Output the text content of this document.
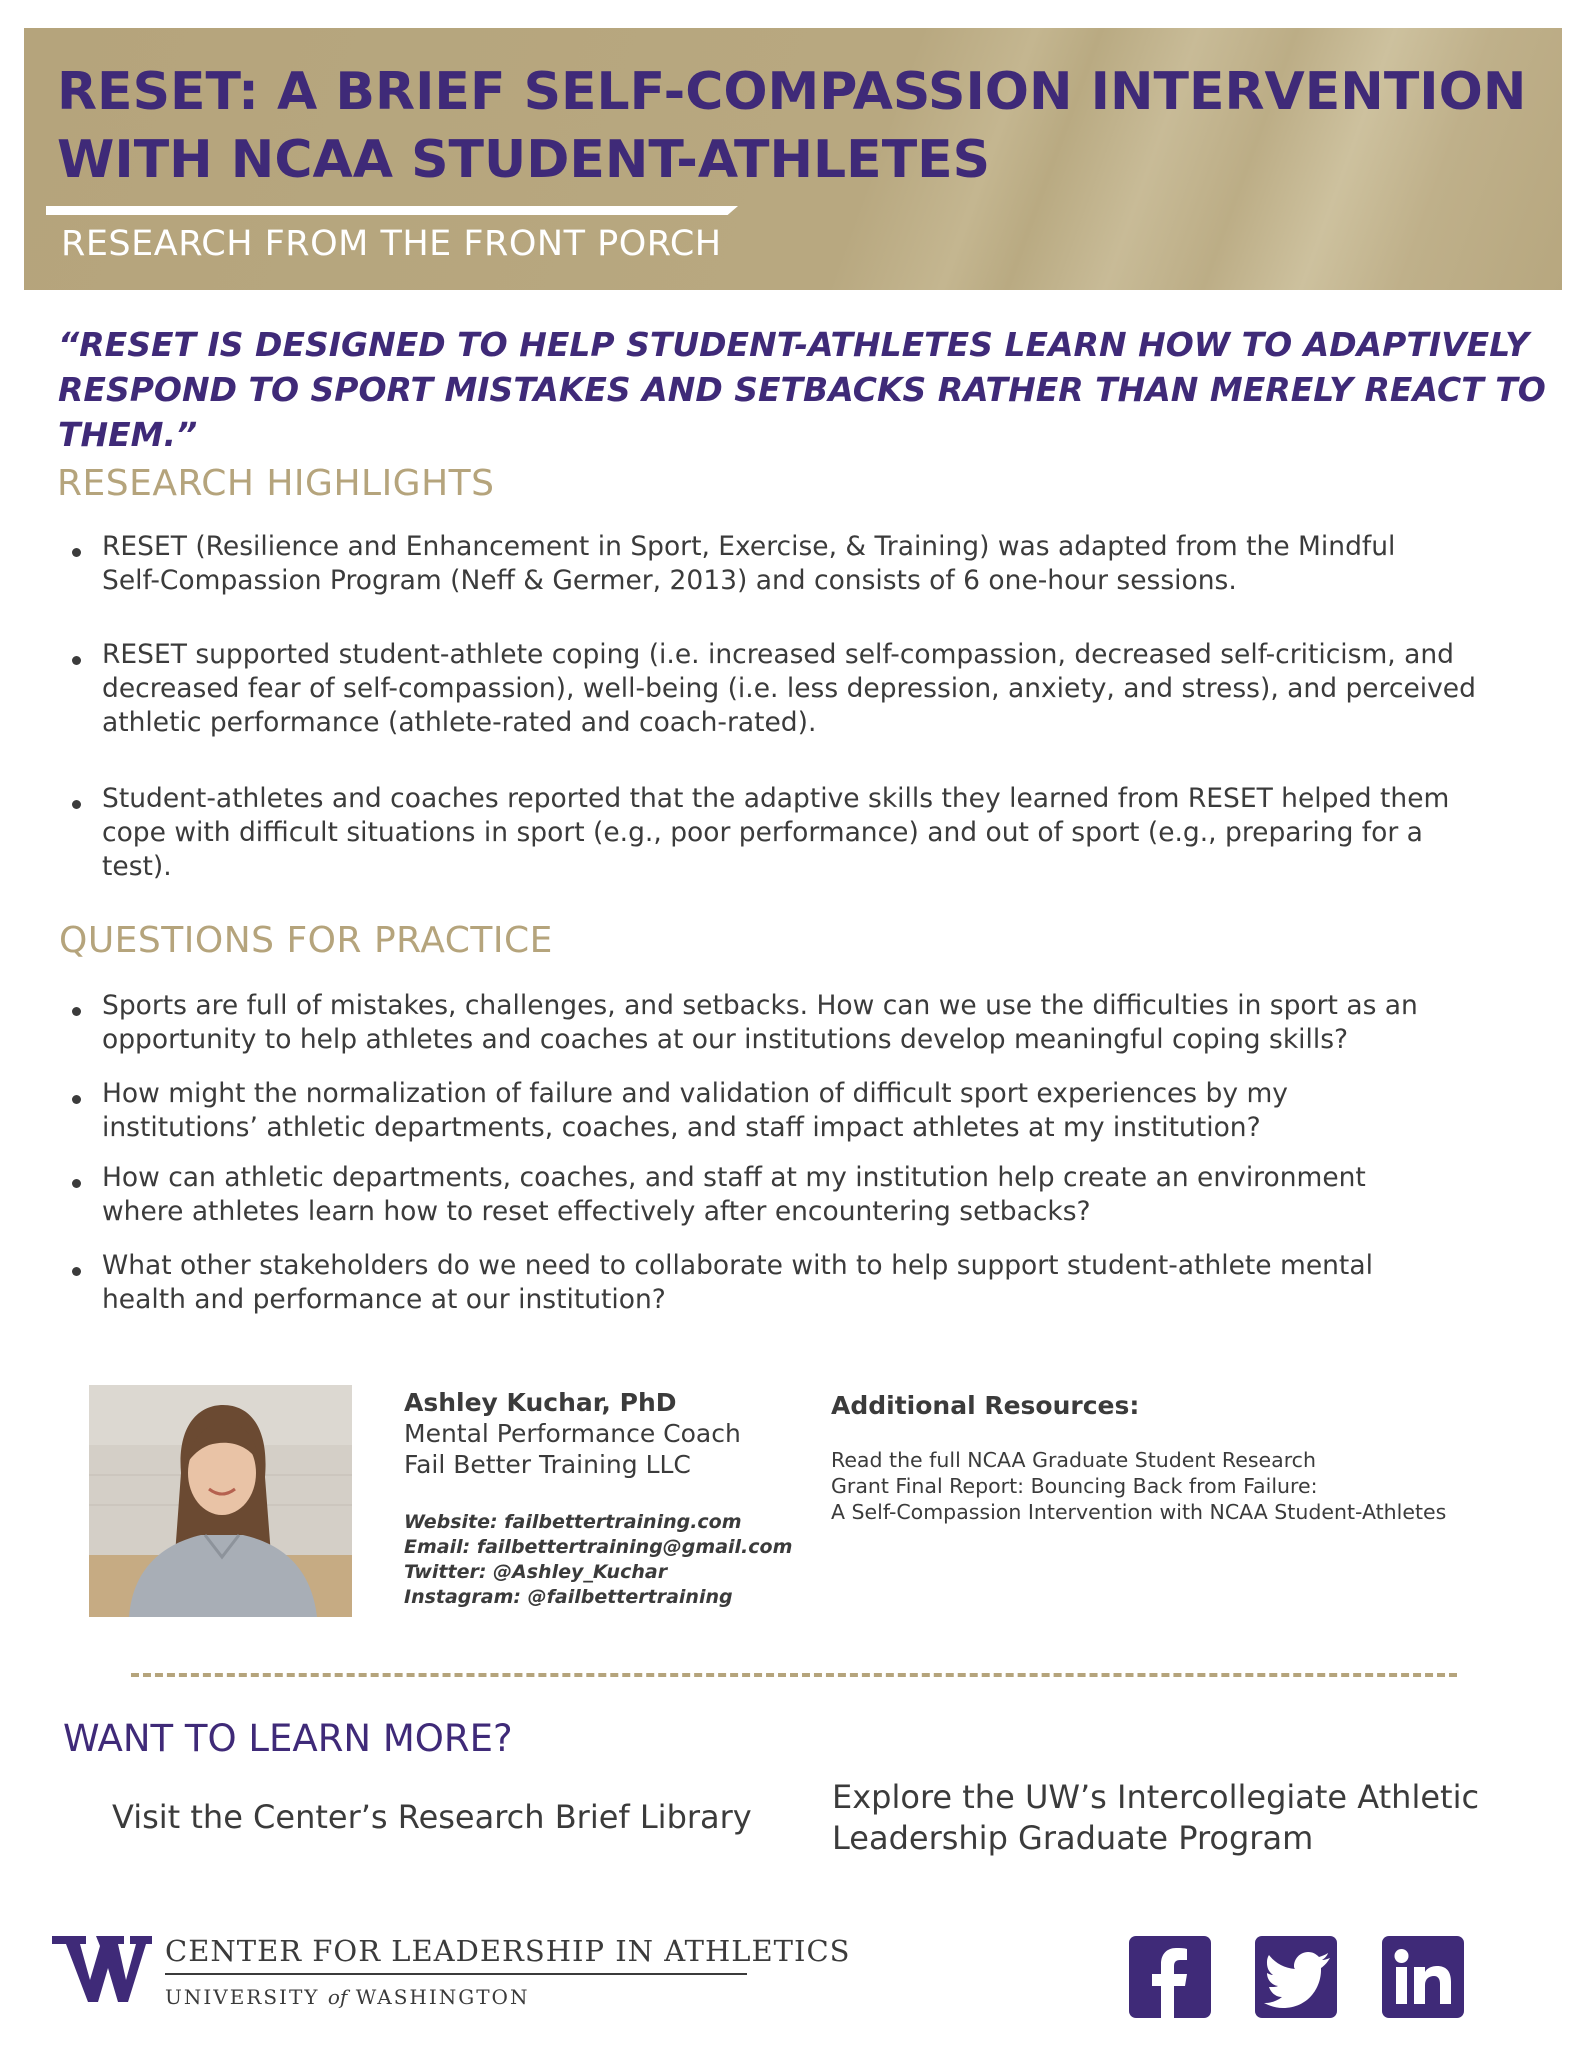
RESET: A BRIEF SELF-COMPASSION INTERVENTION
WITH NCAA STUDENT-ATHLETES
RESEARCH FROM THE FRONT PORCH
“RESET IS DESIGNED TO HELP STUDENT-ATHLETES LEARN HOW TO ADAPTIVELY
RESPOND TO SPORT MISTAKES AND SETBACKS RATHER THAN MERELY REACT TO THEM.”
RESEARCH HIGHLIGHTS
RESET (Resilience and Enhancement in Sport, Exercise, & Training) was adapted from the Mindful
Self-Compassion Program (Neff & Germer, 2013) and consists of 6 one-hour sessions.
RESET supported student-athlete coping (i.e. increased self-compassion, decreased self-criticism, and
decreased fear of self-compassion), well-being (i.e. less depression, anxiety, and stress), and perceived
athletic performance (athlete-rated and coach-rated).
Student-athletes and coaches reported that the adaptive skills they learned from RESET helped them
cope with difficult situations in sport (e.g., poor performance) and out of sport (e.g., preparing for a
test).
QUESTIONS FOR PRACTICE
Sports are full of mistakes, challenges, and setbacks. How can we use the difficulties in sport as an
opportunity to help athletes and coaches at our institutions develop meaningful coping skills?
How might the normalization of failure and validation of difficult sport experiences by my
institutions’ athletic departments, coaches, and staff impact athletes at my institution?
How can athletic departments, coaches, and staff at my institution help create an environment
where athletes learn how to reset effectively after encountering setbacks?
What other stakeholders do we need to collaborate with to help support student-athlete mental
health and performance at our institution?
Ashley Kuchar, PhD
Mental Performance Coach
Fail Better Training LLC
Website: failbettertraining.com
Email: failbettertraining@gmail.com
Twitter: @Ashley_Kuchar
Instagram: @failbettertraining
Additional Resources:
Read the full NCAA Graduate Student Research
Grant Final Report: Bouncing Back from Failure:
A Self-Compassion Intervention with NCAA Student-Athletes
WANT TO LEARN MORE?
Visit the Center’s Research Brief Library
Explore the UW’s Intercollegiate Athletic
Leadership Graduate Program
CENTER FOR LEADERSHIP IN ATHLETICS
UNIVERSITY of WASHINGTON
